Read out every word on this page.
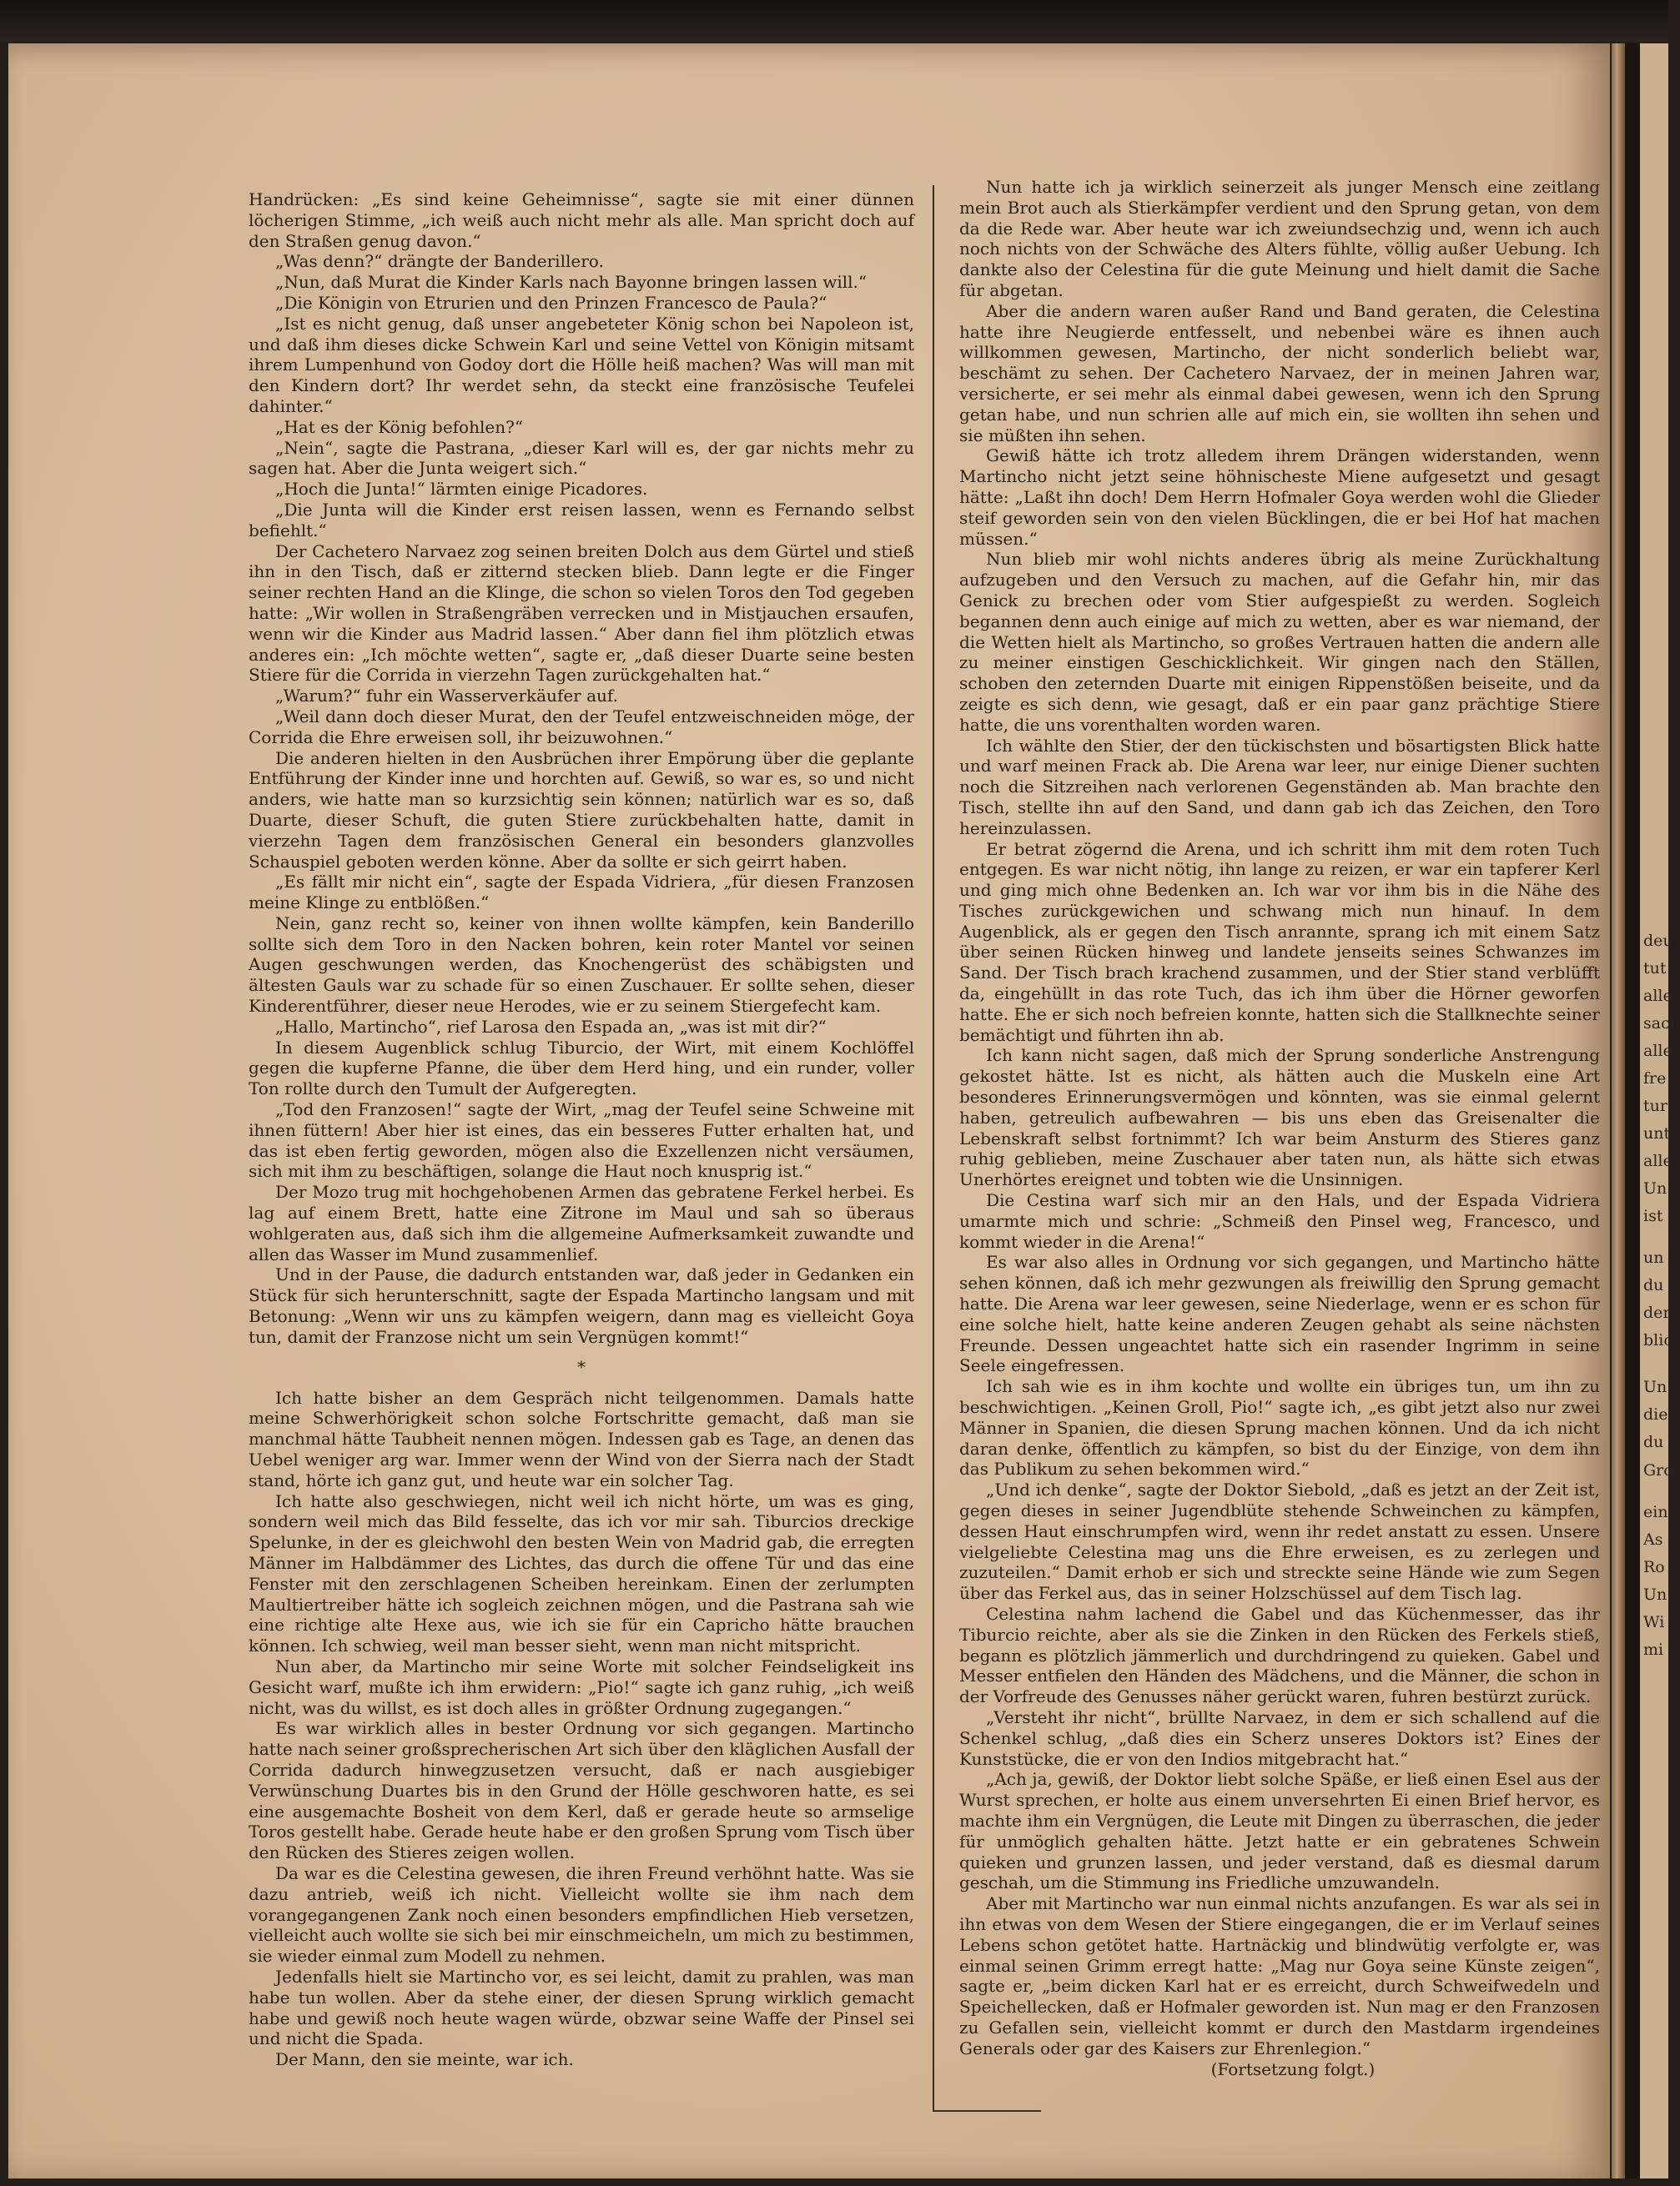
Handrücken: „Es sind keine Geheimnisse“, sagte sie mit einer dünnen löcherigen Stimme, „ich weiß auch nicht mehr als alle. Man spricht doch auf den Straßen genug davon.“

„Was denn?“ drängte der Banderillero.

„Nun, daß Murat die Kinder Karls nach Bayonne bringen lassen will.“

„Die Königin von Etrurien und den Prinzen Francesco de Paula?“

„Ist es nicht genug, daß unser angebeteter König schon bei Napoleon ist, und daß ihm dieses dicke Schwein Karl und seine Vettel von Königin mitsamt ihrem Lumpenhund von Godoy dort die Hölle heiß machen? Was will man mit den Kindern dort? Ihr werdet sehn, da steckt eine französische Teufelei dahinter.“

„Hat es der König befohlen?“

„Nein“, sagte die Pastrana, „dieser Karl will es, der gar nichts mehr zu sagen hat. Aber die Junta weigert sich.“

„Hoch die Junta!“ lärmten einige Picadores.

„Die Junta will die Kinder erst reisen lassen, wenn es Fernando selbst befiehlt.“

Der Cachetero Narvaez zog seinen breiten Dolch aus dem Gürtel und stieß ihn in den Tisch, daß er zitternd stecken blieb. Dann legte er die Finger seiner rechten Hand an die Klinge, die schon so vielen Toros den Tod gegeben hatte: „Wir wollen in Straßengräben verrecken und in Mistjauchen ersaufen, wenn wir die Kinder aus Madrid lassen.“ Aber dann fiel ihm plötzlich etwas anderes ein: „Ich möchte wetten“, sagte er, „daß dieser Duarte seine besten Stiere für die Corrida in vierzehn Tagen zurückgehalten hat.“

„Warum?“ fuhr ein Wasserverkäufer auf.

„Weil dann doch dieser Murat, den der Teufel entzweischneiden möge, der Corrida die Ehre erweisen soll, ihr beizuwohnen.“

Die anderen hielten in den Ausbrüchen ihrer Empörung über die geplante Entführung der Kinder inne und horchten auf. Gewiß, so war es, so und nicht anders, wie hatte man so kurzsichtig sein können; natürlich war es so, daß Duarte, dieser Schuft, die guten Stiere zurückbehalten hatte, damit in vierzehn Tagen dem französischen General ein besonders glanzvolles Schauspiel geboten werden könne. Aber da sollte er sich geirrt haben.

„Es fällt mir nicht ein“, sagte der Espada Vidriera, „für diesen Franzosen meine Klinge zu entblößen.“

Nein, ganz recht so, keiner von ihnen wollte kämpfen, kein Banderillo sollte sich dem Toro in den Nacken bohren, kein roter Mantel vor seinen Augen geschwungen werden, das Knochengerüst des schäbigsten und ältesten Gauls war zu schade für so einen Zuschauer. Er sollte sehen, dieser Kinderentführer, dieser neue Herodes, wie er zu seinem Stiergefecht kam.

„Hallo, Martincho“, rief Larosa den Espada an, „was ist mit dir?“

In diesem Augenblick schlug Tiburcio, der Wirt, mit einem Kochlöffel gegen die kupferne Pfanne, die über dem Herd hing, und ein runder, voller Ton rollte durch den Tumult der Aufgeregten.

„Tod den Franzosen!“ sagte der Wirt, „mag der Teufel seine Schweine mit ihnen füttern! Aber hier ist eines, das ein besseres Futter erhalten hat, und das ist eben fertig geworden, mögen also die Exzellenzen nicht versäumen, sich mit ihm zu beschäftigen, solange die Haut noch knusprig ist.“

Der Mozo trug mit hochgehobenen Armen das gebratene Ferkel herbei. Es lag auf einem Brett, hatte eine Zitrone im Maul und sah so überaus wohlgeraten aus, daß sich ihm die allgemeine Aufmerksamkeit zuwandte und allen das Wasser im Mund zusammenlief.

Und in der Pause, die dadurch entstanden war, daß jeder in Gedanken ein Stück für sich herunterschnitt, sagte der Espada Martincho langsam und mit Betonung: „Wenn wir uns zu kämpfen weigern, dann mag es vielleicht Goya tun, damit der Franzose nicht um sein Vergnügen kommt!“

*

Ich hatte bisher an dem Gespräch nicht teilgenommen. Damals hatte meine Schwerhörigkeit schon solche Fortschritte gemacht, daß man sie manchmal hätte Taubheit nennen mögen. Indessen gab es Tage, an denen das Uebel weniger arg war. Immer wenn der Wind von der Sierra nach der Stadt stand, hörte ich ganz gut, und heute war ein solcher Tag.

Ich hatte also geschwiegen, nicht weil ich nicht hörte, um was es ging, sondern weil mich das Bild fesselte, das ich vor mir sah. Tiburcios dreckige Spelunke, in der es gleichwohl den besten Wein von Madrid gab, die erregten Männer im Halbdämmer des Lichtes, das durch die offene Tür und das eine Fenster mit den zerschlagenen Scheiben hereinkam. Einen der zerlumpten Maultiertreiber hätte ich sogleich zeichnen mögen, und die Pastrana sah wie eine richtige alte Hexe aus, wie ich sie für ein Capricho hätte brauchen können. Ich schwieg, weil man besser sieht, wenn man nicht mitspricht.

Nun aber, da Martincho mir seine Worte mit solcher Feindseligkeit ins Gesicht warf, mußte ich ihm erwidern: „Pio!“ sagte ich ganz ruhig, „ich weiß nicht, was du willst, es ist doch alles in größter Ordnung zugegangen.“

Es war wirklich alles in bester Ordnung vor sich gegangen. Martincho hatte nach seiner großsprecherischen Art sich über den kläglichen Ausfall der Corrida dadurch hinwegzusetzen versucht, daß er nach ausgiebiger Verwünschung Duartes bis in den Grund der Hölle geschworen hatte, es sei eine ausgemachte Bosheit von dem Kerl, daß er gerade heute so armselige Toros gestellt habe. Gerade heute habe er den großen Sprung vom Tisch über den Rücken des Stieres zeigen wollen.

Da war es die Celestina gewesen, die ihren Freund verhöhnt hatte. Was sie dazu antrieb, weiß ich nicht. Vielleicht wollte sie ihm nach dem vorangegangenen Zank noch einen besonders empfindlichen Hieb versetzen, vielleicht auch wollte sie sich bei mir einschmeicheln, um mich zu bestimmen, sie wieder einmal zum Modell zu nehmen.

Jedenfalls hielt sie Martincho vor, es sei leicht, damit zu prahlen, was man habe tun wollen. Aber da stehe einer, der diesen Sprung wirklich gemacht habe und gewiß noch heute wagen würde, obzwar seine Waffe der Pinsel sei und nicht die Spada.

Der Mann, den sie meinte, war ich.

Nun hatte ich ja wirklich seinerzeit als junger Mensch eine zeitlang mein Brot auch als Stierkämpfer verdient und den Sprung getan, von dem da die Rede war. Aber heute war ich zweiundsechzig und, wenn ich auch noch nichts von der Schwäche des Alters fühlte, völlig außer Uebung. Ich dankte also der Celestina für die gute Meinung und hielt damit die Sache für abgetan.

Aber die andern waren außer Rand und Band geraten, die Celestina hatte ihre Neugierde entfesselt, und nebenbei wäre es ihnen auch willkommen gewesen, Martincho, der nicht sonderlich beliebt war, beschämt zu sehen. Der Cachetero Narvaez, der in meinen Jahren war, versicherte, er sei mehr als einmal dabei gewesen, wenn ich den Sprung getan habe, und nun schrien alle auf mich ein, sie wollten ihn sehen und sie müßten ihn sehen.

Gewiß hätte ich trotz alledem ihrem Drängen widerstanden, wenn Martincho nicht jetzt seine höhnischeste Miene aufgesetzt und gesagt hätte: „Laßt ihn doch! Dem Herrn Hofmaler Goya werden wohl die Glieder steif geworden sein von den vielen Bücklingen, die er bei Hof hat machen müssen.“

Nun blieb mir wohl nichts anderes übrig als meine Zurückhaltung aufzugeben und den Versuch zu machen, auf die Gefahr hin, mir das Genick zu brechen oder vom Stier aufgespießt zu werden. Sogleich begannen denn auch einige auf mich zu wetten, aber es war niemand, der die Wetten hielt als Martincho, so großes Vertrauen hatten die andern alle zu meiner einstigen Geschicklichkeit. Wir gingen nach den Ställen, schoben den zeternden Duarte mit einigen Rippenstößen beiseite, und da zeigte es sich denn, wie gesagt, daß er ein paar ganz prächtige Stiere hatte, die uns vorenthalten worden waren.

Ich wählte den Stier, der den tückischsten und bösartigsten Blick hatte und warf meinen Frack ab. Die Arena war leer, nur einige Diener suchten noch die Sitzreihen nach verlorenen Gegenständen ab. Man brachte den Tisch, stellte ihn auf den Sand, und dann gab ich das Zeichen, den Toro hereinzulassen.

Er betrat zögernd die Arena, und ich schritt ihm mit dem roten Tuch entgegen. Es war nicht nötig, ihn lange zu reizen, er war ein tapferer Kerl und ging mich ohne Bedenken an. Ich war vor ihm bis in die Nähe des Tisches zurückgewichen und schwang mich nun hinauf. In dem Augenblick, als er gegen den Tisch anrannte, sprang ich mit einem Satz über seinen Rücken hinweg und landete jenseits seines Schwanzes im Sand. Der Tisch brach krachend zusammen, und der Stier stand verblüfft da, eingehüllt in das rote Tuch, das ich ihm über die Hörner geworfen hatte. Ehe er sich noch befreien konnte, hatten sich die Stallknechte seiner bemächtigt und führten ihn ab.

Ich kann nicht sagen, daß mich der Sprung sonderliche Anstrengung gekostet hätte. Ist es nicht, als hätten auch die Muskeln eine Art besonderes Erinnerungsvermögen und könnten, was sie einmal gelernt haben, getreulich aufbewahren — bis uns eben das Greisenalter die Lebenskraft selbst fortnimmt? Ich war beim Ansturm des Stieres ganz ruhig geblieben, meine Zuschauer aber taten nun, als hätte sich etwas Unerhörtes ereignet und tobten wie die Unsinnigen.

Die Cestina warf sich mir an den Hals, und der Espada Vidriera umarmte mich und schrie: „Schmeiß den Pinsel weg, Francesco, und kommt wieder in die Arena!“

Es war also alles in Ordnung vor sich gegangen, und Martincho hätte sehen können, daß ich mehr gezwungen als freiwillig den Sprung gemacht hatte. Die Arena war leer gewesen, seine Niederlage, wenn er es schon für eine solche hielt, hatte keine anderen Zeugen gehabt als seine nächsten Freunde. Dessen ungeachtet hatte sich ein rasender Ingrimm in seine Seele eingefressen.

Ich sah wie es in ihm kochte und wollte ein übriges tun, um ihn zu beschwichtigen. „Keinen Groll, Pio!“ sagte ich, „es gibt jetzt also nur zwei Männer in Spanien, die diesen Sprung machen können. Und da ich nicht daran denke, öffentlich zu kämpfen, so bist du der Einzige, von dem ihn das Publikum zu sehen bekommen wird.“

„Und ich denke“, sagte der Doktor Siebold, „daß es jetzt an der Zeit ist, gegen dieses in seiner Jugendblüte stehende Schweinchen zu kämpfen, dessen Haut einschrumpfen wird, wenn ihr redet anstatt zu essen. Unsere vielgeliebte Celestina mag uns die Ehre erweisen, es zu zerlegen und zuzuteilen.“ Damit erhob er sich und streckte seine Hände wie zum Segen über das Ferkel aus, das in seiner Holzschüssel auf dem Tisch lag.

Celestina nahm lachend die Gabel und das Küchenmesser, das ihr Tiburcio reichte, aber als sie die Zinken in den Rücken des Ferkels stieß, begann es plötzlich jämmerlich und durchdringend zu quieken. Gabel und Messer entfielen den Händen des Mädchens, und die Männer, die schon in der Vorfreude des Genusses näher gerückt waren, fuhren bestürzt zurück.

„Versteht ihr nicht“, brüllte Narvaez, in dem er sich schallend auf die Schenkel schlug, „daß dies ein Scherz unseres Doktors ist? Eines der Kunststücke, die er von den Indios mitgebracht hat.“

„Ach ja, gewiß, der Doktor liebt solche Späße, er ließ einen Esel aus der Wurst sprechen, er holte aus einem unversehrten Ei einen Brief hervor, es machte ihm ein Vergnügen, die Leute mit Dingen zu überraschen, die jeder für unmöglich gehalten hätte. Jetzt hatte er ein gebratenes Schwein quieken und grunzen lassen, und jeder verstand, daß es diesmal darum geschah, um die Stimmung ins Friedliche umzuwandeln.

Aber mit Martincho war nun einmal nichts anzufangen. Es war als sei in ihn etwas von dem Wesen der Stiere eingegangen, die er im Verlauf seines Lebens schon getötet hatte. Hartnäckig und blindwütig verfolgte er, was einmal seinen Grimm erregt hatte: „Mag nur Goya seine Künste zeigen“, sagte er, „beim dicken Karl hat er es erreicht, durch Schweifwedeln und Speichellecken, daß er Hofmaler geworden ist. Nun mag er den Franzosen zu Gefallen sein, vielleicht kommt er durch den Mastdarm irgendeines Generals oder gar des Kaisers zur Ehrenlegion.“

(Fortsetzung folgt.)

deu
tut
alle
sach
alle
fre
tur
unt
alle
Un
ist
un
du
der
blic
Un
die
du
Gro
ein
As
Ro
Un
Wi
mi
